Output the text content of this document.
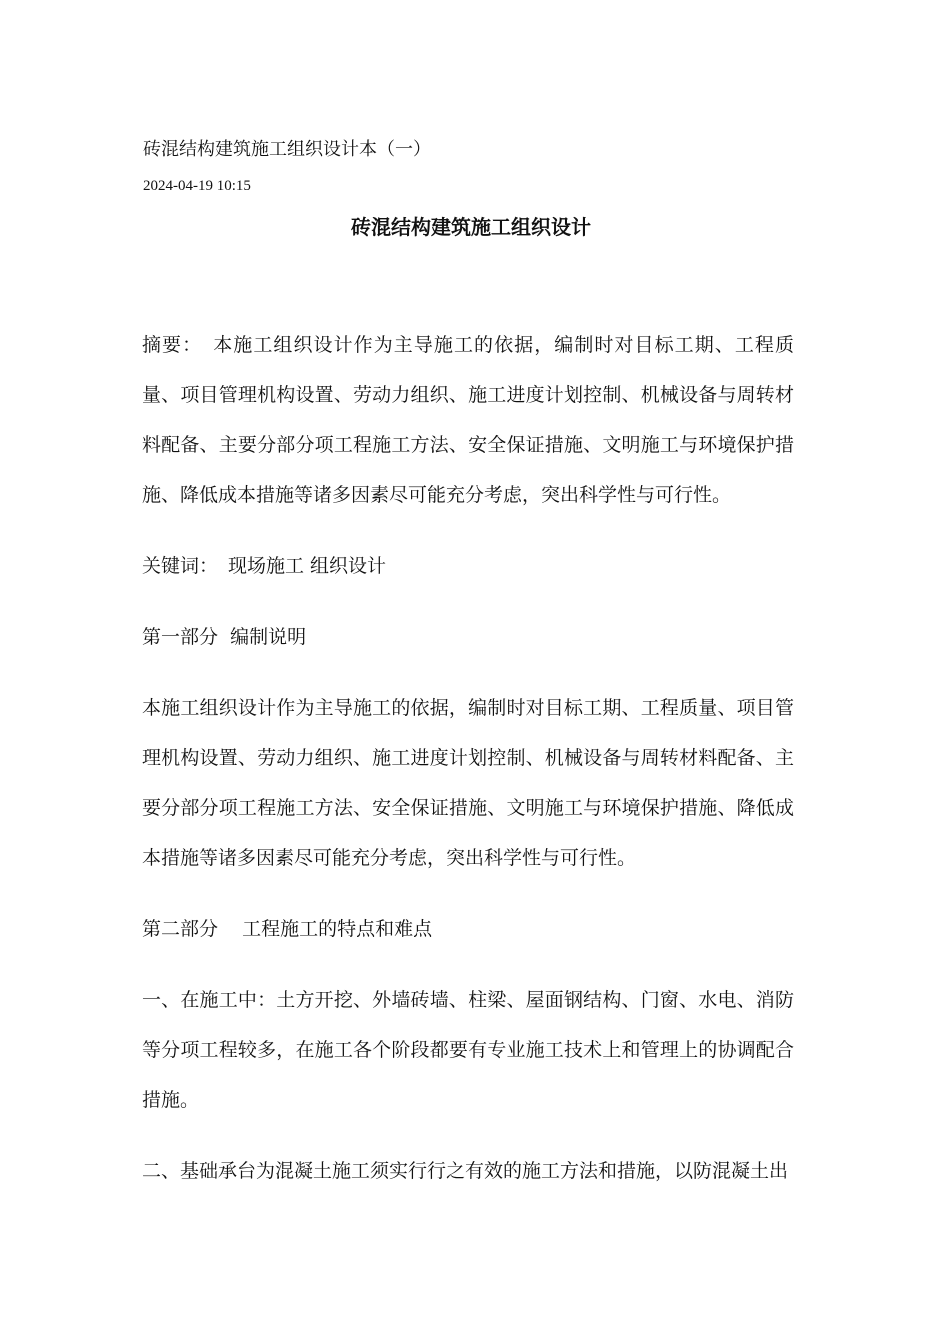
砖混结构建筑施工组织设计本（一）
2024-04-19 10:15
砖混结构建筑施工组织设计

摘要： 本施工组织设计作为主导施工的依据，编制时对目标工期、工程质量、项目管理机构设置、劳动力组织、施工进度计划控制、机械设备与周转材料配备、主要分部分项工程施工方法、安全保证措施、文明施工与环境保护措施、降低成本措施等诸多因素尽可能充分考虑，突出科学性与可行性。

关键词： 现场施工 组织设计

第一部分  编制说明

本施工组织设计作为主导施工的依据，编制时对目标工期、工程质量、项目管理机构设置、劳动力组织、施工进度计划控制、机械设备与周转材料配备、主要分部分项工程施工方法、安全保证措施、文明施工与环境保护措施、降低成本措施等诸多因素尽可能充分考虑，突出科学性与可行性。

第二部分    工程施工的特点和难点

一、在施工中：土方开挖、外墙砖墙、柱梁、屋面钢结构、门窗、水电、消防等分项工程较多，在施工各个阶段都要有专业施工技术上和管理上的协调配合措施。

二、基础承台为混凝土施工须实行行之有效的施工方法和措施，以防混凝土出
